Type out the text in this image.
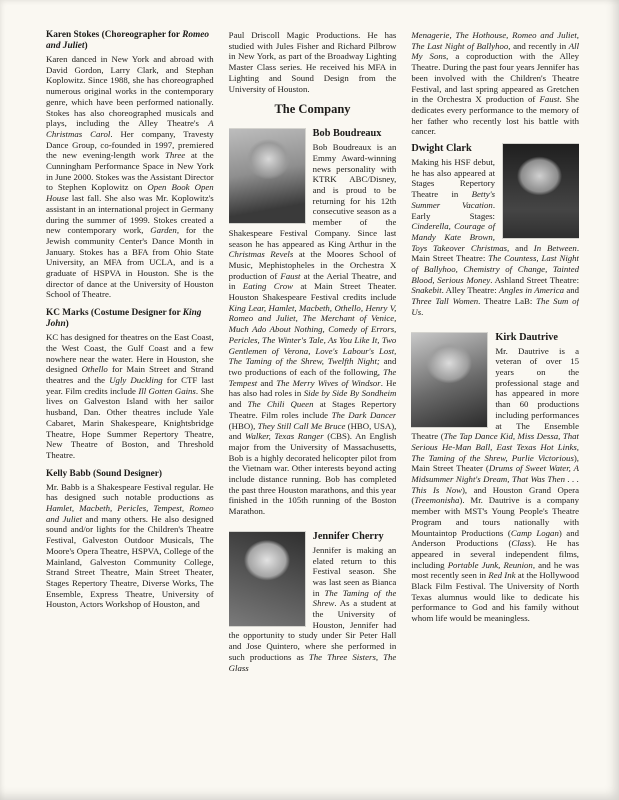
Karen Stokes (Choreographer for Romeo and Juliet)

Karen danced in New York and abroad with David Gordon, Larry Clark, and Stephan Koplowitz. Since 1988, she has choreographed numerous original works in the contemporary genre, which have been performed nationally. Stokes has also choreographed musicals and plays, including the Alley Theatre's A Christmas Carol. Her company, Travesty Dance Group, co-founded in 1997, premiered the new evening-length work Three at the Cunningham Performance Space in New York in June 2000. Stokes was the Assistant Director to Stephen Koplowitz on Open Book Open House last fall. She also was Mr. Koplowitz's assistant in an international project in Germany during the summer of 1999. Stokes created a new contemporary work, Garden, for the Jewish community Center's Dance Month in January. Stokes has a BFA from Ohio State University, an MFA from UCLA, and is a graduate of HSPVA in Houston. She is the director of dance at the University of Houston School of Theatre.

KC Marks (Costume Designer for King John)

KC has designed for theatres on the East Coast, the West Coast, the Gulf Coast and a few nowhere near the water. Here in Houston, she designed Othello for Main Street and Strand theatres and the Ugly Duckling for CTF last year. Film credits include Ill Gotten Gains. She lives on Galveston Island with her sailor husband, Dan. Other theatres include Yale Cabaret, Marin Shakespeare, Knightsbridge Theatre, Hope Summer Repertory Theatre, New Theatre of Boston, and Threshold Theatre.

Kelly Babb (Sound Designer)

Mr. Babb is a Shakespeare Festival regular. He has designed such notable productions as Hamlet, Macbeth, Pericles, Tempest, Romeo and Juliet and many others. He also designed sound and/or lights for the Children's Theatre Festival, Galveston Outdoor Musicals, The Moore's Opera Theatre, HSPVA, College of the Mainland, Galveston Community College, Strand Street Theatre, Main Street Theater, Stages Repertory Theatre, Diverse Works, The Ensemble, Express Theatre, University of Houston, Actors Workshop of Houston, and

Paul Driscoll Magic Productions. He has studied with Jules Fisher and Richard Pilbrow in New York, as part of the Broadway Lighting Master Class series. He received his MFA in Lighting and Sound Design from the University of Houston.

The Company
Bob Boudreaux

Bob Boudreaux is an Emmy Award-winning news personality with KTRK ABC/Disney, and is proud to be returning for his 12th consecutive season as a member of the Shakespeare Festival Company. Since last season he has appeared as King Arthur in the Christmas Revels at the Moores School of Music, Mephistopheles in the Orchestra X production of Faust at the Aerial Theatre, and in Eating Crow at Main Street Theater. Houston Shakespeare Festival credits include King Lear, Hamlet, Macbeth, Othello, Henry V, Romeo and Juliet, The Merchant of Venice, Much Ado About Nothing, Comedy of Errors, Pericles, The Winter's Tale, As You Like It, Two Gentlemen of Verona, Love's Labour's Lost, The Taming of the Shrew, Twelfth Night; and two productions of each of the following, The Tempest and The Merry Wives of Windsor. He has also had roles in Side by Side By Sondheim and The Chili Queen at Stages Repertory Theatre. Film roles include The Dark Dancer (HBO), They Still Call Me Bruce (HBO, USA), and Walker, Texas Ranger (CBS). An English major from the University of Massachusetts, Bob is a highly decorated helicopter pilot from the Vietnam war. Other interests beyond acting include distance running. Bob has completed the past three Houston marathons, and this year finished in the 105th running of the Boston Marathon.

Jennifer Cherry

Jennifer is making an elated return to this Festival season. She was last seen as Bianca in The Taming of the Shrew. As a student at the University of Houston, Jennifer had the opportunity to study under Sir Peter Hall and Jose Quintero, where she performed in such productions as The Three Sisters, The Glass

Menagerie, The Hothouse, Romeo and Juliet, The Last Night of Ballyhoo, and recently in All My Sons, a coproduction with the Alley Theatre. During the past four years Jennifer has been involved with the Children's Theatre Festival, and last spring appeared as Gretchen in the Orchestra X production of Faust. She dedicates every performance to the memory of her father who recently lost his battle with cancer.

Dwight Clark

Making his HSF debut, he has also appeared at Stages Repertory Theatre in Betty's Summer Vacation. Early Stages: Cinderella, Courage of Mandy Kate Brown, Toys Takeover Christmas, and In Between. Main Street Theatre: The Countess, Last Night of Ballyhoo, Chemistry of Change, Tainted Blood, Serious Money. Ashland Street Theatre: Snakebit. Alley Theatre: Angles in America and Three Tall Women. Theatre LaB: The Sum of Us.

Kirk Dautrive

Mr. Dautrive is a veteran of over 15 years on the professional stage and has appeared in more than 60 productions including performances at The Ensemble Theatre (The Tap Dance Kid, Miss Dessa, That Serious He-Man Ball, East Texas Hot Links, The Taming of the Shrew, Purlie Victorious), Main Street Theater (Drums of Sweet Water, A Midsummer Night's Dream, That Was Then . . . This Is Now), and Houston Grand Opera (Treemonisha). Mr. Dautrive is a company member with MST's Young People's Theatre Program and tours nationally with Mountaintop Productions (Camp Logan) and Anderson Productions (Class). He has appeared in several independent films, including Portable Junk, Reunion, and he was most recently seen in Red Ink at the Hollywood Black Film Festival. The University of North Texas alumnus would like to dedicate his performance to God and his family without whom life would be meaningless.
